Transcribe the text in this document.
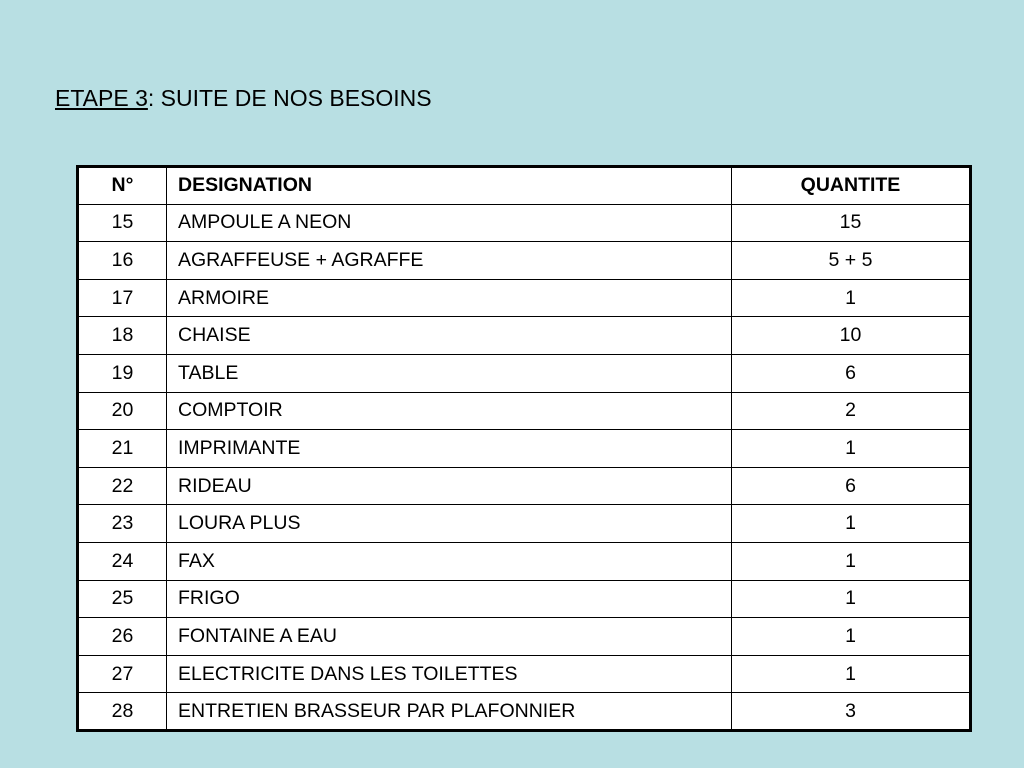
ETAPE 3: SUITE DE NOS BESOINS
N°	DESIGNATION	QUANTITE
15	AMPOULE A NEON	15
16	AGRAFFEUSE + AGRAFFE	5 + 5
17	ARMOIRE	1
18	CHAISE	10
19	TABLE	6
20	COMPTOIR	2
21	IMPRIMANTE	1
22	RIDEAU	6
23	LOURA PLUS	1
24	FAX	1
25	FRIGO	1
26	FONTAINE A EAU	1
27	ELECTRICITE DANS LES TOILETTES	1
28	ENTRETIEN BRASSEUR PAR PLAFONNIER	3
